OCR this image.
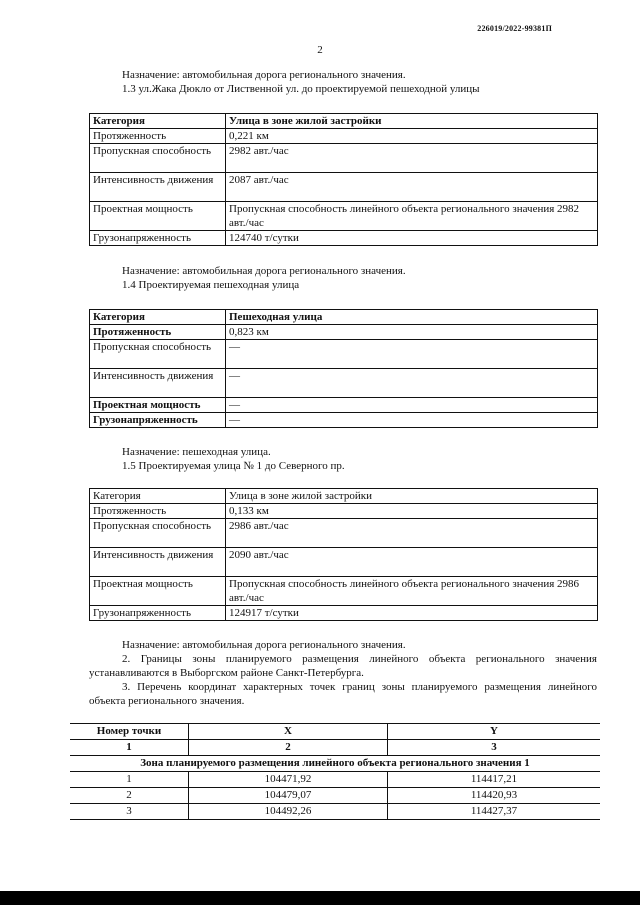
226019/2022-99381П
2
Назначение: автомобильная дорога регионального значения.
1.3 ул.Жака Дюкло от Лиственной ул. до проектируемой пешеходной улицы
Категория	Улица в зоне жилой застройки
Протяженность	0,221 км
Пропускная способность	2982 авт./час
Интенсивность движения	2087 авт./час
Проектная мощность	Пропускная способность линейного объекта регионального значения 2982 авт./час
Грузонапряженность	124740 т/сутки
Назначение: автомобильная дорога регионального значения.
1.4 Проектируемая пешеходная улица
Категория	Пешеходная улица
Протяженность	0,823 км
Пропускная способность	—
Интенсивность движения	—
Проектная мощность	—
Грузонапряженность	—
Назначение: пешеходная улица.
1.5 Проектируемая улица № 1 до Северного пр.
Категория	Улица в зоне жилой застройки
Протяженность	0,133 км
Пропускная способность	2986 авт./час
Интенсивность движения	2090 авт./час
Проектная мощность	Пропускная способность линейного объекта регионального значения 2986 авт./час
Грузонапряженность	124917 т/сутки
Назначение: автомобильная дорога регионального значения.
2. Границы зоны планируемого размещения линейного объекта регионального значения устанавливаются в Выборгском районе Санкт-Петербурга.
3. Перечень координат характерных точек границ зоны планируемого размещения линейного объекта регионального значения.
Номер точки	X	Y
1	2	3
Зона планируемого размещения линейного объекта регионального значения 1		
1	104471,92	114417,21
2	104479,07	114420,93
3	104492,26	114427,37
